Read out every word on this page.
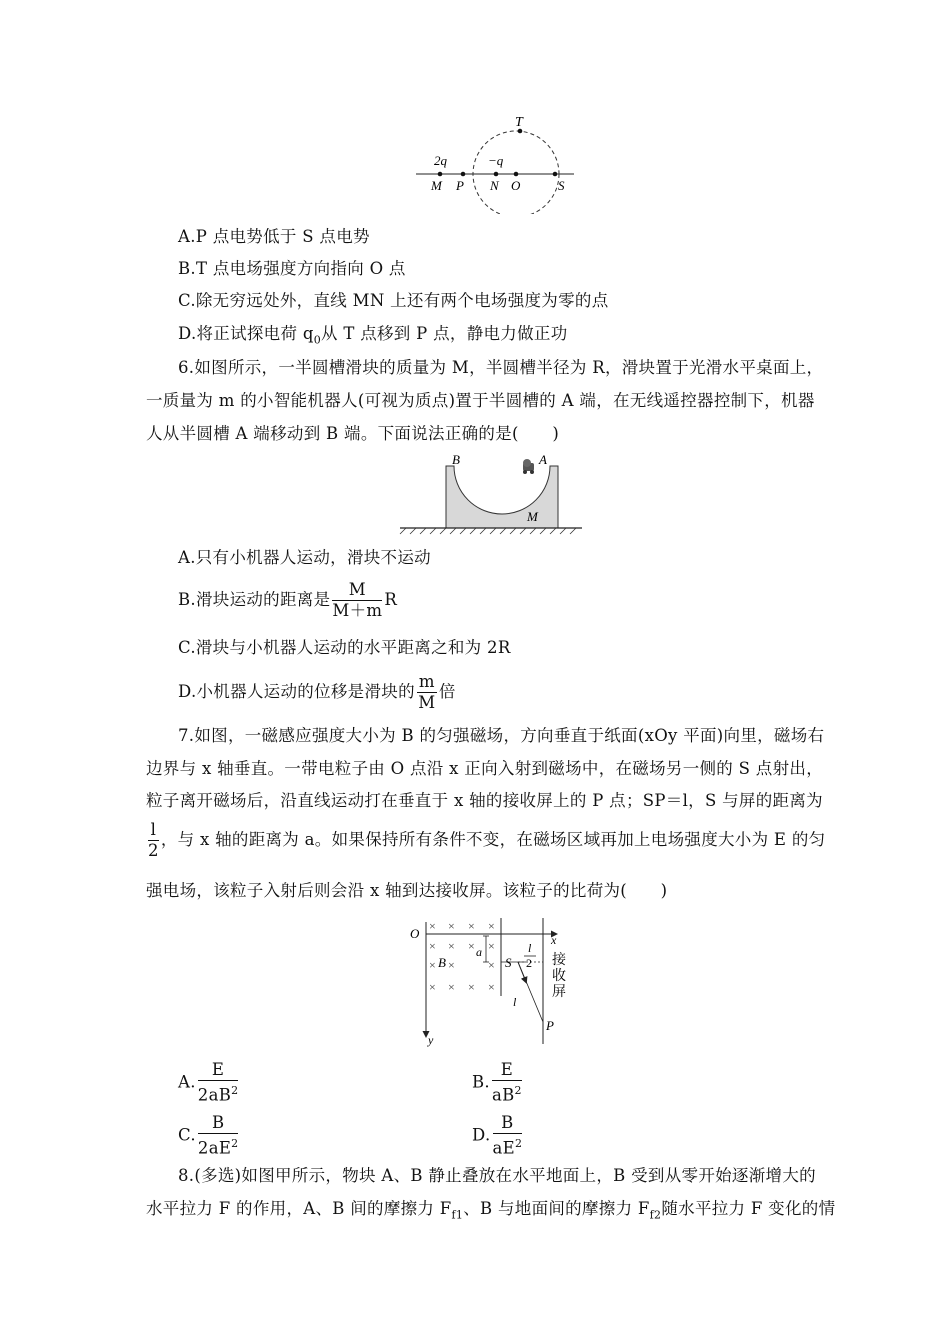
T
2q	−q
M P N O	S
A.P 点电势低于 S 点电势
B.T 点电场强度方向指向 O 点
C.除无穷远处外，直线 MN 上还有两个电场强度为零的点
D.将正试探电荷 $q_0$从 T 点移到 P 点，静电力做正功
6.如图所示，一半圆槽滑块的质量为 M，半圆槽半径为 R，滑块置于光滑水平桌面上，
一质量为 m 的小智能机器人(可视为质点)置于半圆槽的 A 端，在无线遥控器控制下，机器
人从半圆槽 A 端移动到 B 端。下面说法正确的是(　　)
B	A
M
A.只有小机器人运动，滑块不运动
B.滑块运动的距离是 $\frac{M}{M+m}$ R
C.滑块与小机器人运动的水平距离之和为 2R
D.小机器人运动的位移是滑块的 $\frac{m}{M}$ 倍
7.如图，一磁感应强度大小为 B 的匀强磁场，方向垂直于纸面(xOy 平面)向里，磁场右
边界与 x 轴垂直。一带电粒子由 O 点沿 x 正向入射到磁场中，在磁场另一侧的 S 点射出，
粒子离开磁场后，沿直线运动打在垂直于 x 轴的接收屏上的 P 点；SP＝l，S 与屏的距离为
$\frac{l}{2}$ ，与 x 轴的距离为 a。如果保持所有条件不变，在磁场区域再加上电场强度大小为 E 的匀
强电场，该粒子入射后则会沿 x 轴到达接收屏。该粒子的比荷为(　　)
× × × ×
× × × ×
× ×	×
× × × ×
O	x
y
B
a
S
l
2
l
P
接
收
屏
A. $\frac{E}{2aB^2}$	B. $\frac{E}{aB^2}$
C. $\frac{B}{2aE^2}$	D. $\frac{B}{aE^2}$
8.(多选)如图甲所示，物块 A、B 静止叠放在水平地面上，B 受到从零开始逐渐增大的
水平拉力 F 的作用，A、B 间的摩擦力 $F_{f1}$、B 与地面间的摩擦力 $F_{f2}$随水平拉力 F 变化的情
